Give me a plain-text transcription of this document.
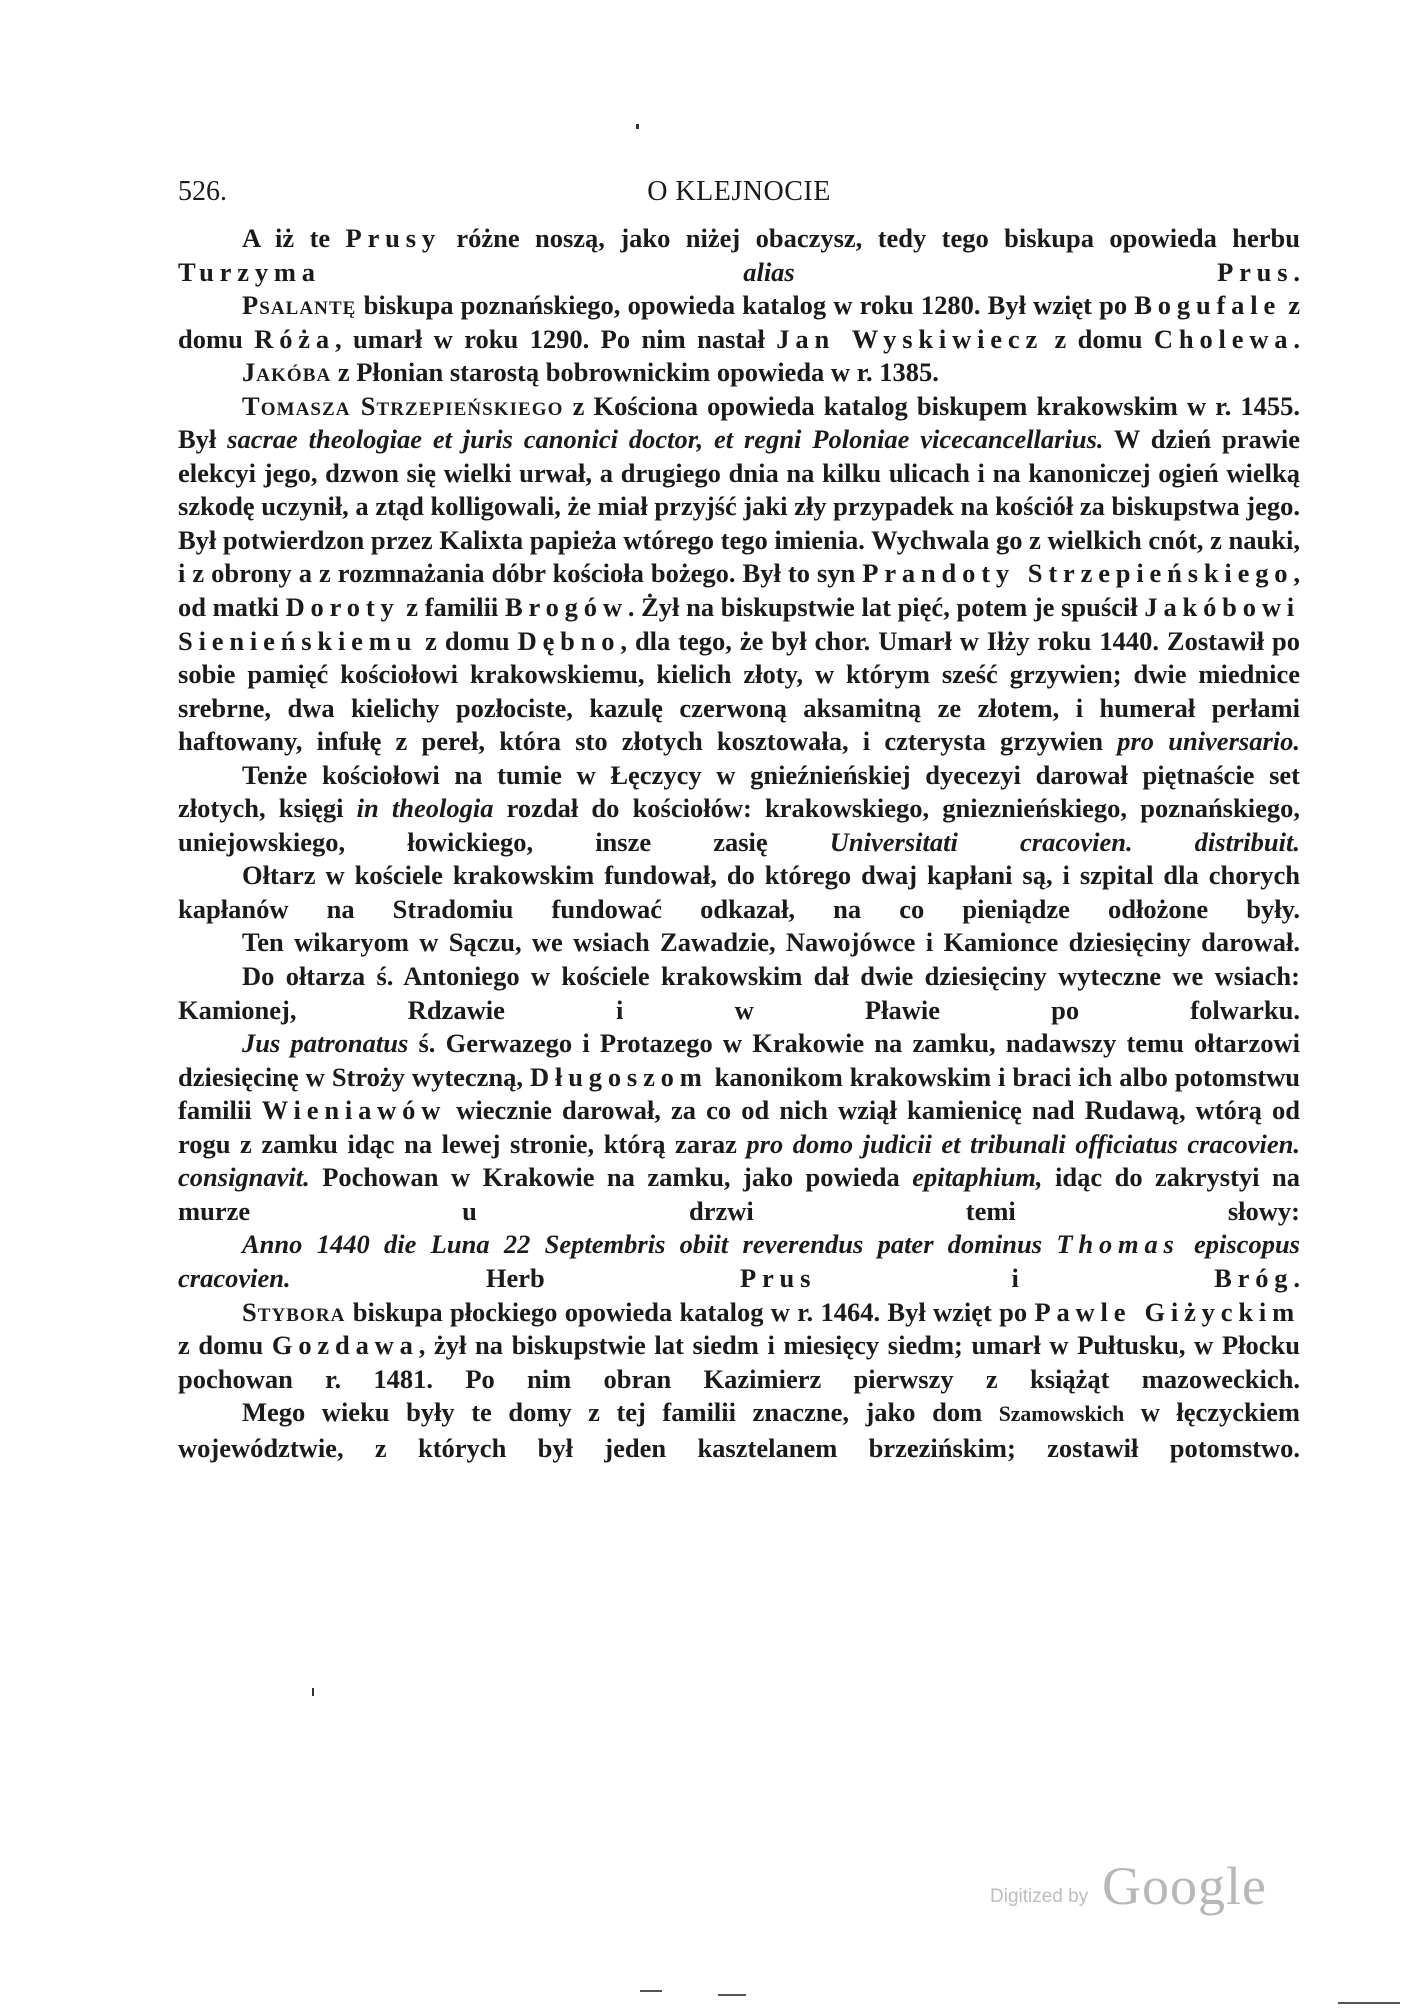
526.	O KLEJNOCIE

A iż te Prusy różne noszą, jako niżej obaczysz, tedy tego biskupa opowieda herbu Turzyma	alias	Prus.

Psalantę biskupa poznańskiego, opowieda katalog w roku 1280. Był wzięt po Bogufale z domu Róża, umarł w roku 1290. Po nim nastał Jan Wyskiwiecz z domu Cholewa.

Jakóba z Płonian starostą bobrownickim opowieda w r. 1385.

Tomasza Strzepieńskiego z Kościona opowieda katalog biskupem krakowskim w r. 1455. Był sacrae theologiae et juris canonici doctor, et regni Poloniae vicecancellarius. W dzień prawie elekcyi jego, dzwon się wielki urwał, a drugiego dnia na kilku ulicach i na kanoniczej ogień wielką szkodę uczynił, a ztąd kolligowali, że miał przyjść jaki zły przypadek na kościół za biskupstwa jego. Był potwierdzon przez Kalixta papieża wtórego tego imienia. Wychwala go z wielkich cnót, z nauki, i z obrony a z rozmnażania dóbr kościoła bożego. Był to syn Prandoty Strzepieńskiego, od matki Doroty z familii Brogów. Żył na biskupstwie lat pięć, potem je spuścił Jakóbowi Sienieńskiemu z domu Dębno, dla tego, że był chor. Umarł w Iłży roku 1440. Zostawił po sobie pamięć kościołowi krakowskiemu, kielich złoty, w którym sześć grzywien; dwie miednice srebrne, dwa kielichy pozłociste, kazulę czerwoną aksamitną ze złotem, i humerał perłami haftowany, infułę z pereł, która sto złotych kosztowała, i czterysta grzywien pro universario.

Tenże kościołowi na tumie w Łęczycy w gnieźnieńskiej dyecezyi darował piętnaście set złotych, księgi in theologia rozdał do kościołów: krakowskiego, gnieznieńskiego, poznańskiego, uniejowskiego, łowickiego, insze zasię Universitati cracovien. distribuit.

Ołtarz w kościele krakowskim fundował, do którego dwaj kapłani są, i szpital dla chorych kapłanów na Stradomiu fundować odkazał, na co pieniądze odłożone były.

Ten wikaryom w Sączu, we wsiach Zawadzie, Nawojówce i Kamionce dziesięciny darował.

Do ołtarza ś. Antoniego w kościele krakowskim dał dwie dziesięciny wyteczne we wsiach: Kamionej, Rdzawie i w Pławie po folwarku.

Jus patronatus ś. Gerwazego i Protazego w Krakowie na zamku, nadawszy temu ołtarzowi dziesięcinę w Stroży wyteczną, Długoszom kanonikom krakowskim i braci ich albo potomstwu familii Wieniawów wiecznie darował, za co od nich wziął kamienicę nad Rudawą, wtórą od rogu z zamku idąc na lewej stronie, którą zaraz pro domo judicii et tribunali officiatus cracovien. consignavit. Pochowan w Krakowie na zamku, jako powieda epitaphium, idąc do zakrystyi na murze u drzwi temi słowy:

Anno 1440 die Luna 22 Septembris obiit reverendus pater dominus Thomas episcopus cracovien. Herb Prus i Bróg.

Stybora biskupa płockiego opowieda katalog w r. 1464. Był wzięt po Pawle Giżyckim z domu Gozdawa, żył na biskupstwie lat siedm i miesięcy siedm; umarł w Pułtusku, w Płocku pochowan r. 1481. Po nim obran Kazimierz pierwszy z książąt mazoweckich.

Mego wieku były te domy z tej familii znaczne, jako dom Szamowskich w łęczyckiem województwie, z których był jeden kasztelanem brzezińskim; zostawił potomstwo.

Digitized by Google
